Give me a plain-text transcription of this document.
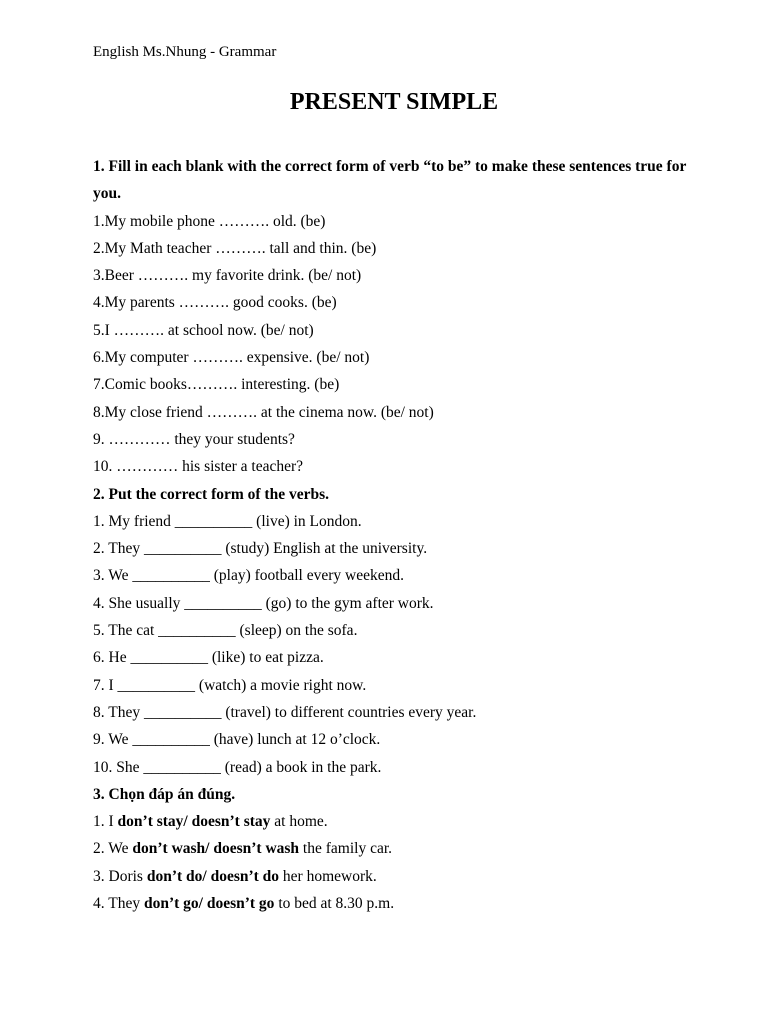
English Ms.Nhung - Grammar
PRESENT SIMPLE
1. Fill in each blank with the correct form of verb “to be” to make these sentences true for you.
1.My mobile phone ………. old. (be)
2.My Math teacher ………. tall and thin. (be)
3.Beer ………. my favorite drink. (be/ not)
4.My parents ………. good cooks. (be)
5.I ………. at school now. (be/ not)
6.My computer ………. expensive. (be/ not)
7.Comic books………. interesting. (be)
8.My close friend ………. at the cinema now. (be/ not)
9. ………… they your students?
10. ………… his sister a teacher?
2. Put the correct form of the verbs.
1. My friend __________ (live) in London.
2. They __________ (study) English at the university.
3. We __________ (play) football every weekend.
4. She usually __________ (go) to the gym after work.
5. The cat __________ (sleep) on the sofa.
6. He __________ (like) to eat pizza.
7. I __________ (watch) a movie right now.
8. They __________ (travel) to different countries every year.
9. We __________ (have) lunch at 12 o’clock.
10. She __________ (read) a book in the park.
3. Chọn đáp án đúng.
1. I don’t stay/ doesn’t stay at home.
2. We don’t wash/ doesn’t wash the family car.
3. Doris don’t do/ doesn’t do her homework.
4. They don’t go/ doesn’t go to bed at 8.30 p.m.
